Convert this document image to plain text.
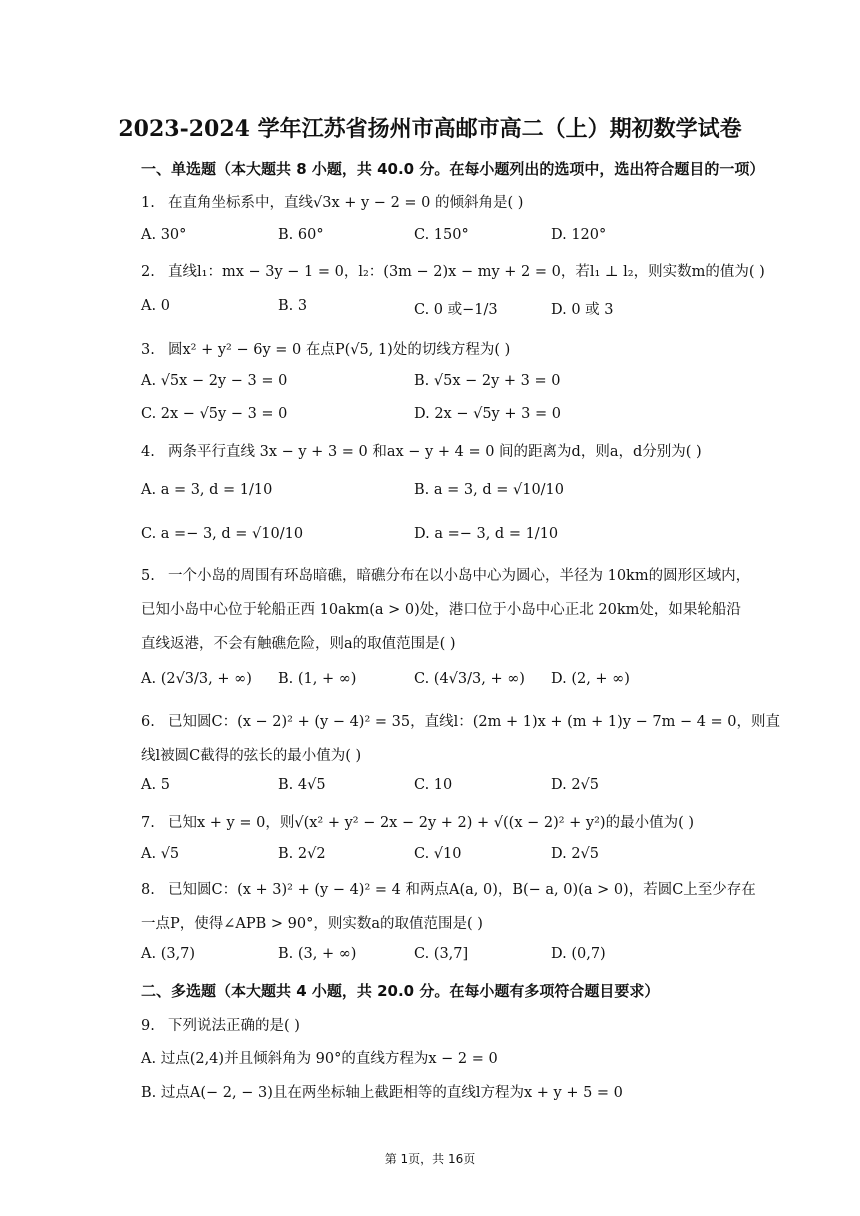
2023-2024 学年江苏省扬州市高邮市高二（上）期初数学试卷
一、单选题（本大题共 8 小题，共 40.0 分。在每小题列出的选项中，选出符合题目的一项）
1. 在直角坐标系中，直线√3x + y − 2 = 0 的倾斜角是( )
A. 30°	B. 60°	C. 150°	D. 120°
2. 直线l₁：mx − 3y − 1 = 0，l₂：(3m − 2)x − my + 2 = 0，若l₁ ⊥ l₂，则实数m的值为( )
A. 0	B. 3	C. 0 或−1/3	D. 0 或 3
3. 圆x² + y² − 6y = 0 在点P(√5, 1)处的切线方程为( )
A. √5x − 2y − 3 = 0	B. √5x − 2y + 3 = 0
C. 2x − √5y − 3 = 0	D. 2x − √5y + 3 = 0
4. 两条平行直线 3x − y + 3 = 0 和ax − y + 4 = 0 间的距离为d，则a，d分别为( )
A. a = 3, d = 1/10	B. a = 3, d = √10/10
C. a =− 3, d = √10/10	D. a =− 3, d = 1/10
5. 一个小岛的周围有环岛暗礁，暗礁分布在以小岛中心为圆心，半径为 10km的圆形区域内，
已知小岛中心位于轮船正西 10akm(a > 0)处，港口位于小岛中心正北 20km处，如果轮船沿
直线返港，不会有触礁危险，则a的取值范围是( )
A. (2√3/3, + ∞) B. (1, + ∞)	C. (4√3/3, + ∞) D. (2, + ∞)
6. 已知圆C：(x − 2)² + (y − 4)² = 35，直线l：(2m + 1)x + (m + 1)y − 7m − 4 = 0，则直
线l被圆C截得的弦长的最小值为( )
A. 5	B. 4√5	C. 10	D. 2√5
7. 已知x + y = 0，则√(x² + y² − 2x − 2y + 2) + √((x − 2)² + y²)的最小值为( )
A. √5	B. 2√2	C. √10	D. 2√5
8. 已知圆C：(x + 3)² + (y − 4)² = 4 和两点A(a, 0)，B(− a, 0)(a > 0)，若圆C上至少存在
一点P，使得∠APB > 90°，则实数a的取值范围是( )
A. (3,7)	B. (3, + ∞)	C. (3,7]	D. (0,7)
二、多选题（本大题共 4 小题，共 20.0 分。在每小题有多项符合题目要求）
9. 下列说法正确的是( )
A. 过点(2,4)并且倾斜角为 90°的直线方程为x − 2 = 0
B. 过点A(− 2, − 3)且在两坐标轴上截距相等的直线l方程为x + y + 5 = 0
第 1页，共 16页
